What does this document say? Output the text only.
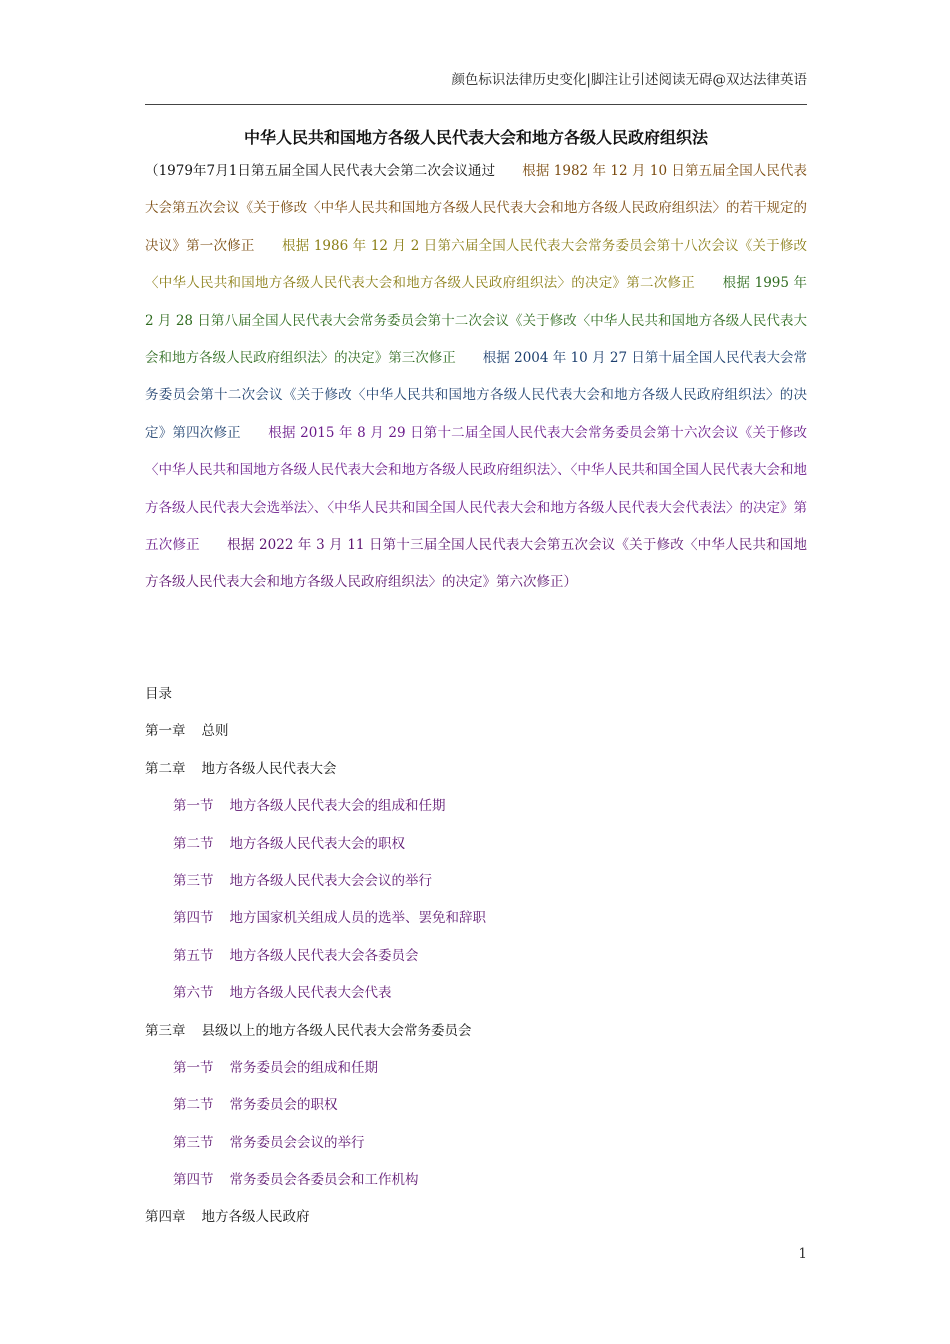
颜色标识法律历史变化|脚注让引述阅读无碍@双达法律英语
中华人民共和国地方各级人民代表大会和地方各级人民政府组织法
（1979年7月1日第五届全国人民代表大会第二次会议通过　　 根据 1982 年 12 月 10 日第五届全国人民代表大会第五次会议《关于修改〈中华人民共和国地方各级人民代表大会和地方各级人民政府组织法〉的若干规定的决议》第一次修正　　 根据 1986 年 12 月 2 日第六届全国人民代表大会常务委员会第十八次会议《关于修改〈中华人民共和国地方各级人民代表大会和地方各级人民政府组织法〉的决定》第二次修正　　 根据 1995 年 2 月 28 日第八届全国人民代表大会常务委员会第十二次会议《关于修改〈中华人民共和国地方各级人民代表大会和地方各级人民政府组织法〉的决定》第三次修正　　 根据 2004 年 10 月 27 日第十届全国人民代表大会常务委员会第十二次会议《关于修改〈中华人民共和国地方各级人民代表大会和地方各级人民政府组织法〉的决定》第四次修正　　 根据 2015 年 8 月 29 日第十二届全国人民代表大会常务委员会第十六次会议《关于修改〈中华人民共和国地方各级人民代表大会和地方各级人民政府组织法〉、〈中华人民共和国全国人民代表大会和地方各级人民代表大会选举法〉、〈中华人民共和国全国人民代表大会和地方各级人民代表大会代表法〉的决定》第五次修正　　 根据 2022 年 3 月 11 日第十三届全国人民代表大会第五次会议《关于修改〈中华人民共和国地方各级人民代表大会和地方各级人民政府组织法〉的决定》第六次修正）
目录
第一章 总则
第二章 地方各级人民代表大会
第一节 地方各级人民代表大会的组成和任期
第二节 地方各级人民代表大会的职权
第三节 地方各级人民代表大会会议的举行
第四节 地方国家机关组成人员的选举、罢免和辞职
第五节 地方各级人民代表大会各委员会
第六节 地方各级人民代表大会代表
第三章 县级以上的地方各级人民代表大会常务委员会
第一节 常务委员会的组成和任期
第二节 常务委员会的职权
第三节 常务委员会会议的举行
第四节 常务委员会各委员会和工作机构
第四章 地方各级人民政府
1
